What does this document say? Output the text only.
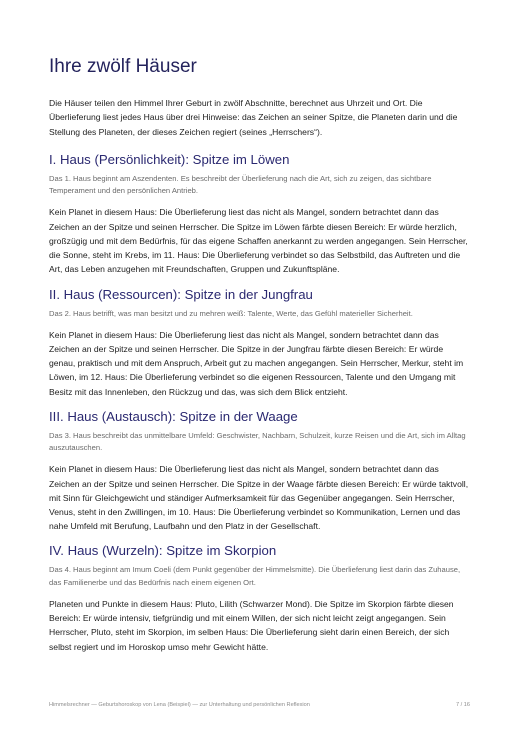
Ihre zwölf Häuser

Die Häuser teilen den Himmel Ihrer Geburt in zwölf Abschnitte, berechnet aus Uhrzeit und Ort. Die Überlieferung liest jedes Haus über drei Hinweise: das Zeichen an seiner Spitze, die Planeten darin und die Stellung des Planeten, der dieses Zeichen regiert (seines „Herrschers“).

I. Haus (Persönlichkeit): Spitze im Löwen

Das 1. Haus beginnt am Aszendenten. Es beschreibt der Überlieferung nach die Art, sich zu zeigen, das sichtbare Temperament und den persönlichen Antrieb.

Kein Planet in diesem Haus: Die Überlieferung liest das nicht als Mangel, sondern betrachtet dann das Zeichen an der Spitze und seinen Herrscher. Die Spitze im Löwen färbte diesen Bereich: Er würde herzlich, großzügig und mit dem Bedürfnis, für das eigene Schaffen anerkannt zu werden angegangen. Sein Herrscher, die Sonne, steht im Krebs, im 11. Haus: Die Überlieferung verbindet so das Selbstbild, das Auftreten und die Art, das Leben anzugehen mit Freundschaften, Gruppen und Zukunftspläne.

II. Haus (Ressourcen): Spitze in der Jungfrau

Das 2. Haus betrifft, was man besitzt und zu mehren weiß: Talente, Werte, das Gefühl materieller Sicherheit.

Kein Planet in diesem Haus: Die Überlieferung liest das nicht als Mangel, sondern betrachtet dann das Zeichen an der Spitze und seinen Herrscher. Die Spitze in der Jungfrau färbte diesen Bereich: Er würde genau, praktisch und mit dem Anspruch, Arbeit gut zu machen angegangen. Sein Herrscher, Merkur, steht im Löwen, im 12. Haus: Die Überlieferung verbindet so die eigenen Ressourcen, Talente und den Umgang mit Besitz mit das Innenleben, den Rückzug und das, was sich dem Blick entzieht.

III. Haus (Austausch): Spitze in der Waage

Das 3. Haus beschreibt das unmittelbare Umfeld: Geschwister, Nachbarn, Schulzeit, kurze Reisen und die Art, sich im Alltag auszutauschen.

Kein Planet in diesem Haus: Die Überlieferung liest das nicht als Mangel, sondern betrachtet dann das Zeichen an der Spitze und seinen Herrscher. Die Spitze in der Waage färbte diesen Bereich: Er würde taktvoll, mit Sinn für Gleichgewicht und ständiger Aufmerksamkeit für das Gegenüber angegangen. Sein Herrscher, Venus, steht in den Zwillingen, im 10. Haus: Die Überlieferung verbindet so Kommunikation, Lernen und das nahe Umfeld mit Berufung, Laufbahn und den Platz in der Gesellschaft.

IV. Haus (Wurzeln): Spitze im Skorpion

Das 4. Haus beginnt am Imum Coeli (dem Punkt gegenüber der Himmelsmitte). Die Überlieferung liest darin das Zuhause, das Familienerbe und das Bedürfnis nach einem eigenen Ort.

Planeten und Punkte in diesem Haus: Pluto, Lilith (Schwarzer Mond). Die Spitze im Skorpion färbte diesen Bereich: Er würde intensiv, tiefgründig und mit einem Willen, der sich nicht leicht zeigt angegangen. Sein Herrscher, Pluto, steht im Skorpion, im selben Haus: Die Überlieferung sieht darin einen Bereich, der sich selbst regiert und im Horoskop umso mehr Gewicht hätte.

Himmelsrechner — Geburtshoroskop von Lena (Beispiel) — zur Unterhaltung und persönlichen Reflexion	7 / 16
